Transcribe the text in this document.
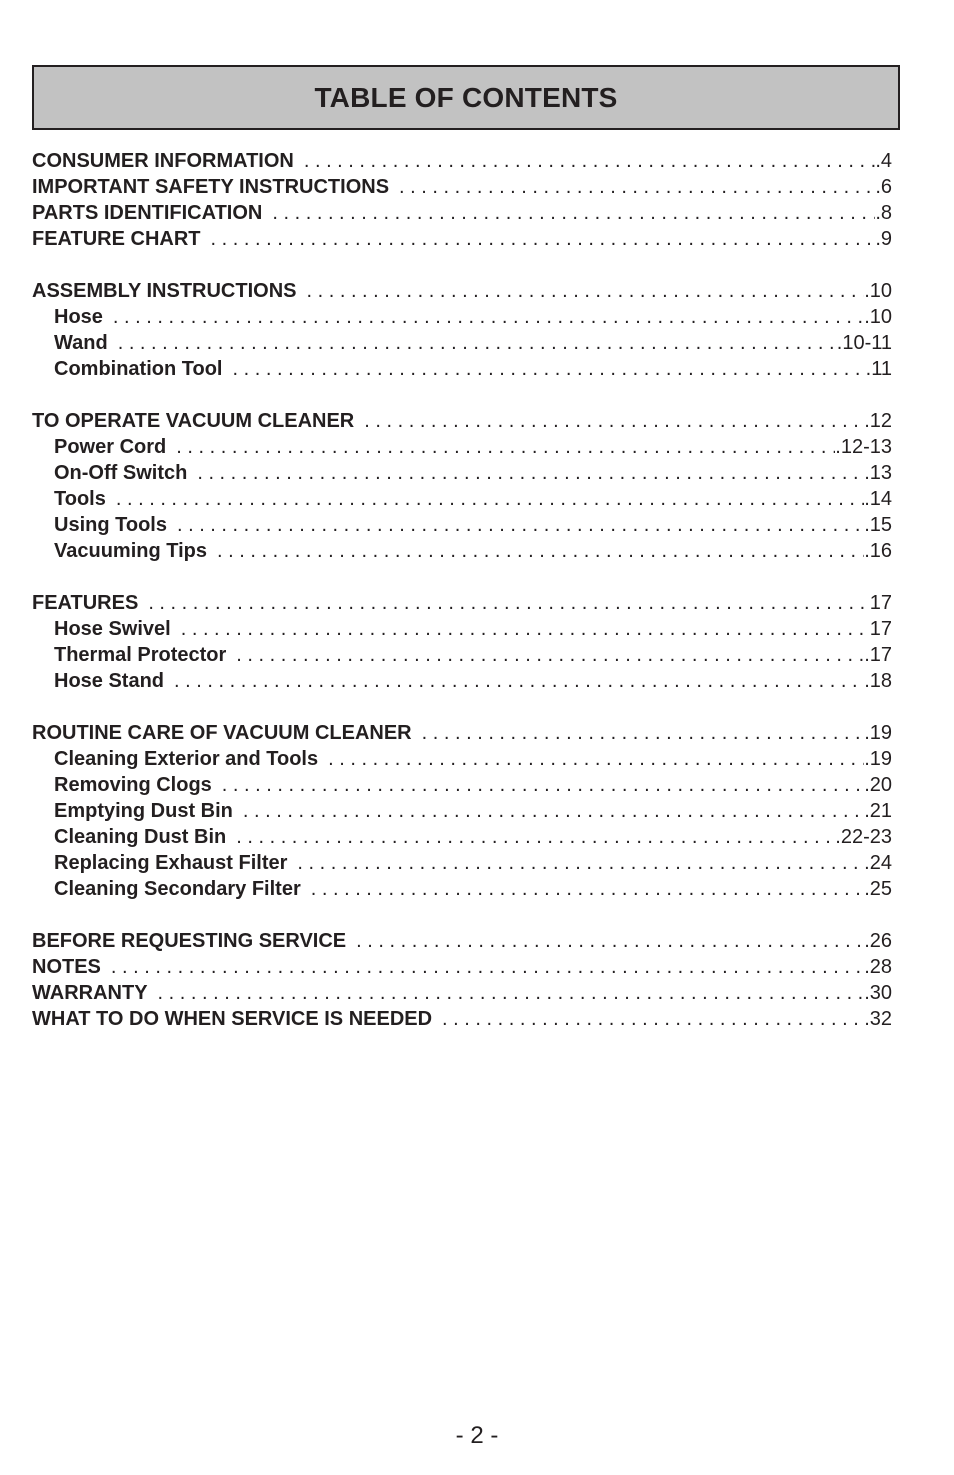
TABLE OF CONTENTS
CONSUMER INFORMATION . . .	.4
IMPORTANT SAFETY INSTRUCTIONS . . .	.6
PARTS IDENTIFICATION . . .	.8
FEATURE CHART . . .	.9
ASSEMBLY INSTRUCTIONS . . .	.10
Hose . . .	.10
Wand . . .	.10-11
Combination Tool . . .	.11
TO OPERATE VACUUM CLEANER . . .	.12
Power Cord . . .	.12-13
On-Off Switch . . .	.13
Tools . . .	.14
Using Tools . . .	.15
Vacuuming Tips . . .	.16
FEATURES . . .	17
Hose Swivel . . .	17
Thermal Protector . . .	.17
Hose Stand . . .	.18
ROUTINE CARE OF VACUUM CLEANER . . .	.19
Cleaning Exterior and Tools . . .	.19
Removing Clogs . . .	.20
Emptying Dust Bin . . .	.21
Cleaning Dust Bin . . .	.22-23
Replacing Exhaust Filter . . .	24
Cleaning Secondary Filter . . .	.25
BEFORE REQUESTING SERVICE . . .	.26
NOTES . . .	.28
WARRANTY . . .	.30
WHAT TO DO WHEN SERVICE IS NEEDED . . .	.32
- 2 -
